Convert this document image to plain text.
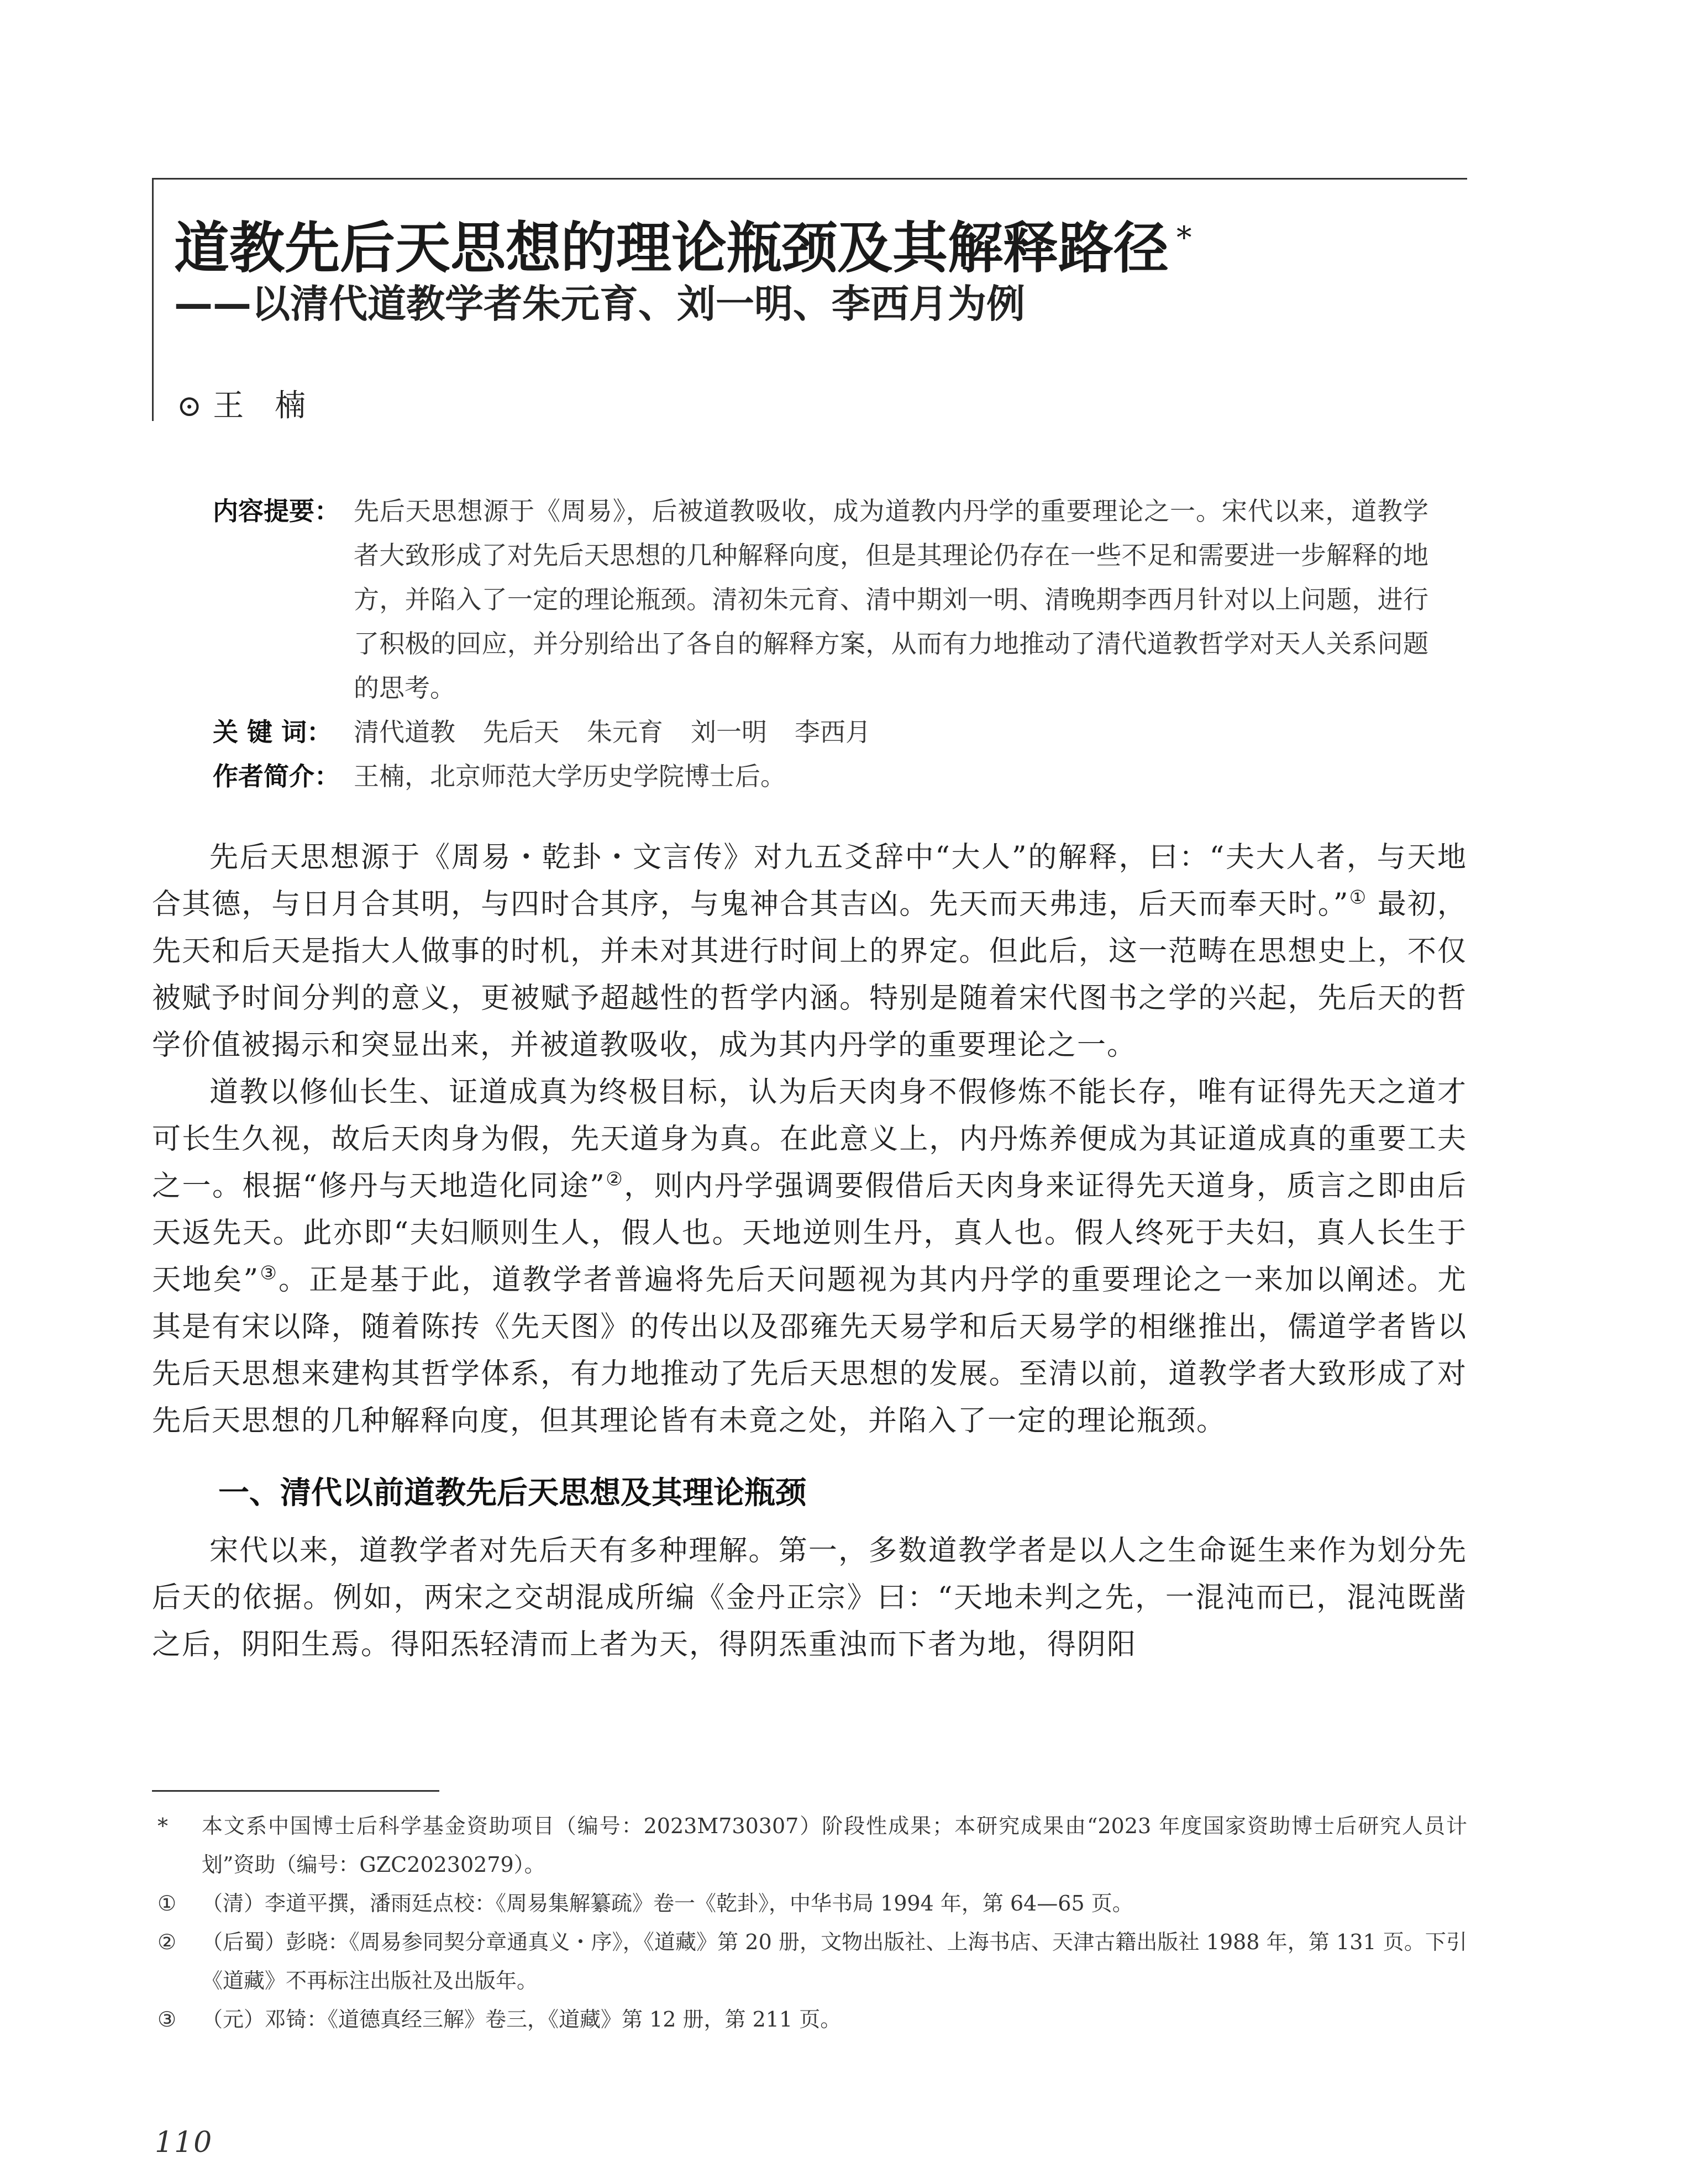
道教先后天思想的理论瓶颈及其解释路径 *
——以清代道教学者朱元育、刘一明、李西月为例
⊙ 王　楠
内容提要： 先后天思想源于《周易》，后被道教吸收，成为道教内丹学的重要理论之一。宋代以来，道教学者大致形成了对先后天思想的几种解释向度，但是其理论仍存在一些不足和需要进一步解释的地方，并陷入了一定的理论瓶颈。清初朱元育、清中期刘一明、清晚期李西月针对以上问题，进行了积极的回应，并分别给出了各自的解释方案，从而有力地推动了清代道教哲学对天人关系问题的思考。
关 键 词： 清代道教 先后天 朱元育 刘一明 李西月
作者简介： 王楠，北京师范大学历史学院博士后。

先后天思想源于《周易・乾卦・文言传》对九五爻辞中“大人”的解释，曰：“夫大人者，与天地合其德，与日月合其明，与四时合其序，与鬼神合其吉凶。先天而天弗违，后天而奉天时。”① 最初，先天和后天是指大人做事的时机，并未对其进行时间上的界定。但此后，这一范畴在思想史上，不仅被赋予时间分判的意义，更被赋予超越性的哲学内涵。特别是随着宋代图书之学的兴起，先后天的哲学价值被揭示和突显出来，并被道教吸收，成为其内丹学的重要理论之一。

道教以修仙长生、证道成真为终极目标，认为后天肉身不假修炼不能长存，唯有证得先天之道才可长生久视，故后天肉身为假，先天道身为真。在此意义上，内丹炼养便成为其证道成真的重要工夫之一。根据“修丹与天地造化同途”②，则内丹学强调要假借后天肉身来证得先天道身，质言之即由后天返先天。此亦即“夫妇顺则生人，假人也。天地逆则生丹，真人也。假人终死于夫妇，真人长生于天地矣”③。正是基于此，道教学者普遍将先后天问题视为其内丹学的重要理论之一来加以阐述。尤其是有宋以降，随着陈抟《先天图》的传出以及邵雍先天易学和后天易学的相继推出，儒道学者皆以先后天思想来建构其哲学体系，有力地推动了先后天思想的发展。至清以前，道教学者大致形成了对先后天思想的几种解释向度，但其理论皆有未竟之处，并陷入了一定的理论瓶颈。

一、清代以前道教先后天思想及其理论瓶颈

宋代以来，道教学者对先后天有多种理解。第一，多数道教学者是以人之生命诞生来作为划分先后天的依据。例如，两宋之交胡混成所编《金丹正宗》曰：“天地未判之先，一混沌而已，混沌既凿之后，阴阳生焉。得阳炁轻清而上者为天，得阴炁重浊而下者为地，得阴阳

* 本文系中国博士后科学基金资助项目（编号：2023M730307）阶段性成果；本研究成果由“2023 年度国家资助博士后研究人员计划”资助（编号：GZC20230279）。
① （清）李道平撰，潘雨廷点校：《周易集解纂疏》卷一《乾卦》，中华书局 1994 年，第 64—65 页。
② （后蜀）彭晓：《周易参同契分章通真义・序》，《道藏》第 20 册，文物出版社、上海书店、天津古籍出版社 1988 年，第 131 页。下引《道藏》不再标注出版社及出版年。
③ （元）邓锜：《道德真经三解》卷三，《道藏》第 12 册，第 211 页。
110
